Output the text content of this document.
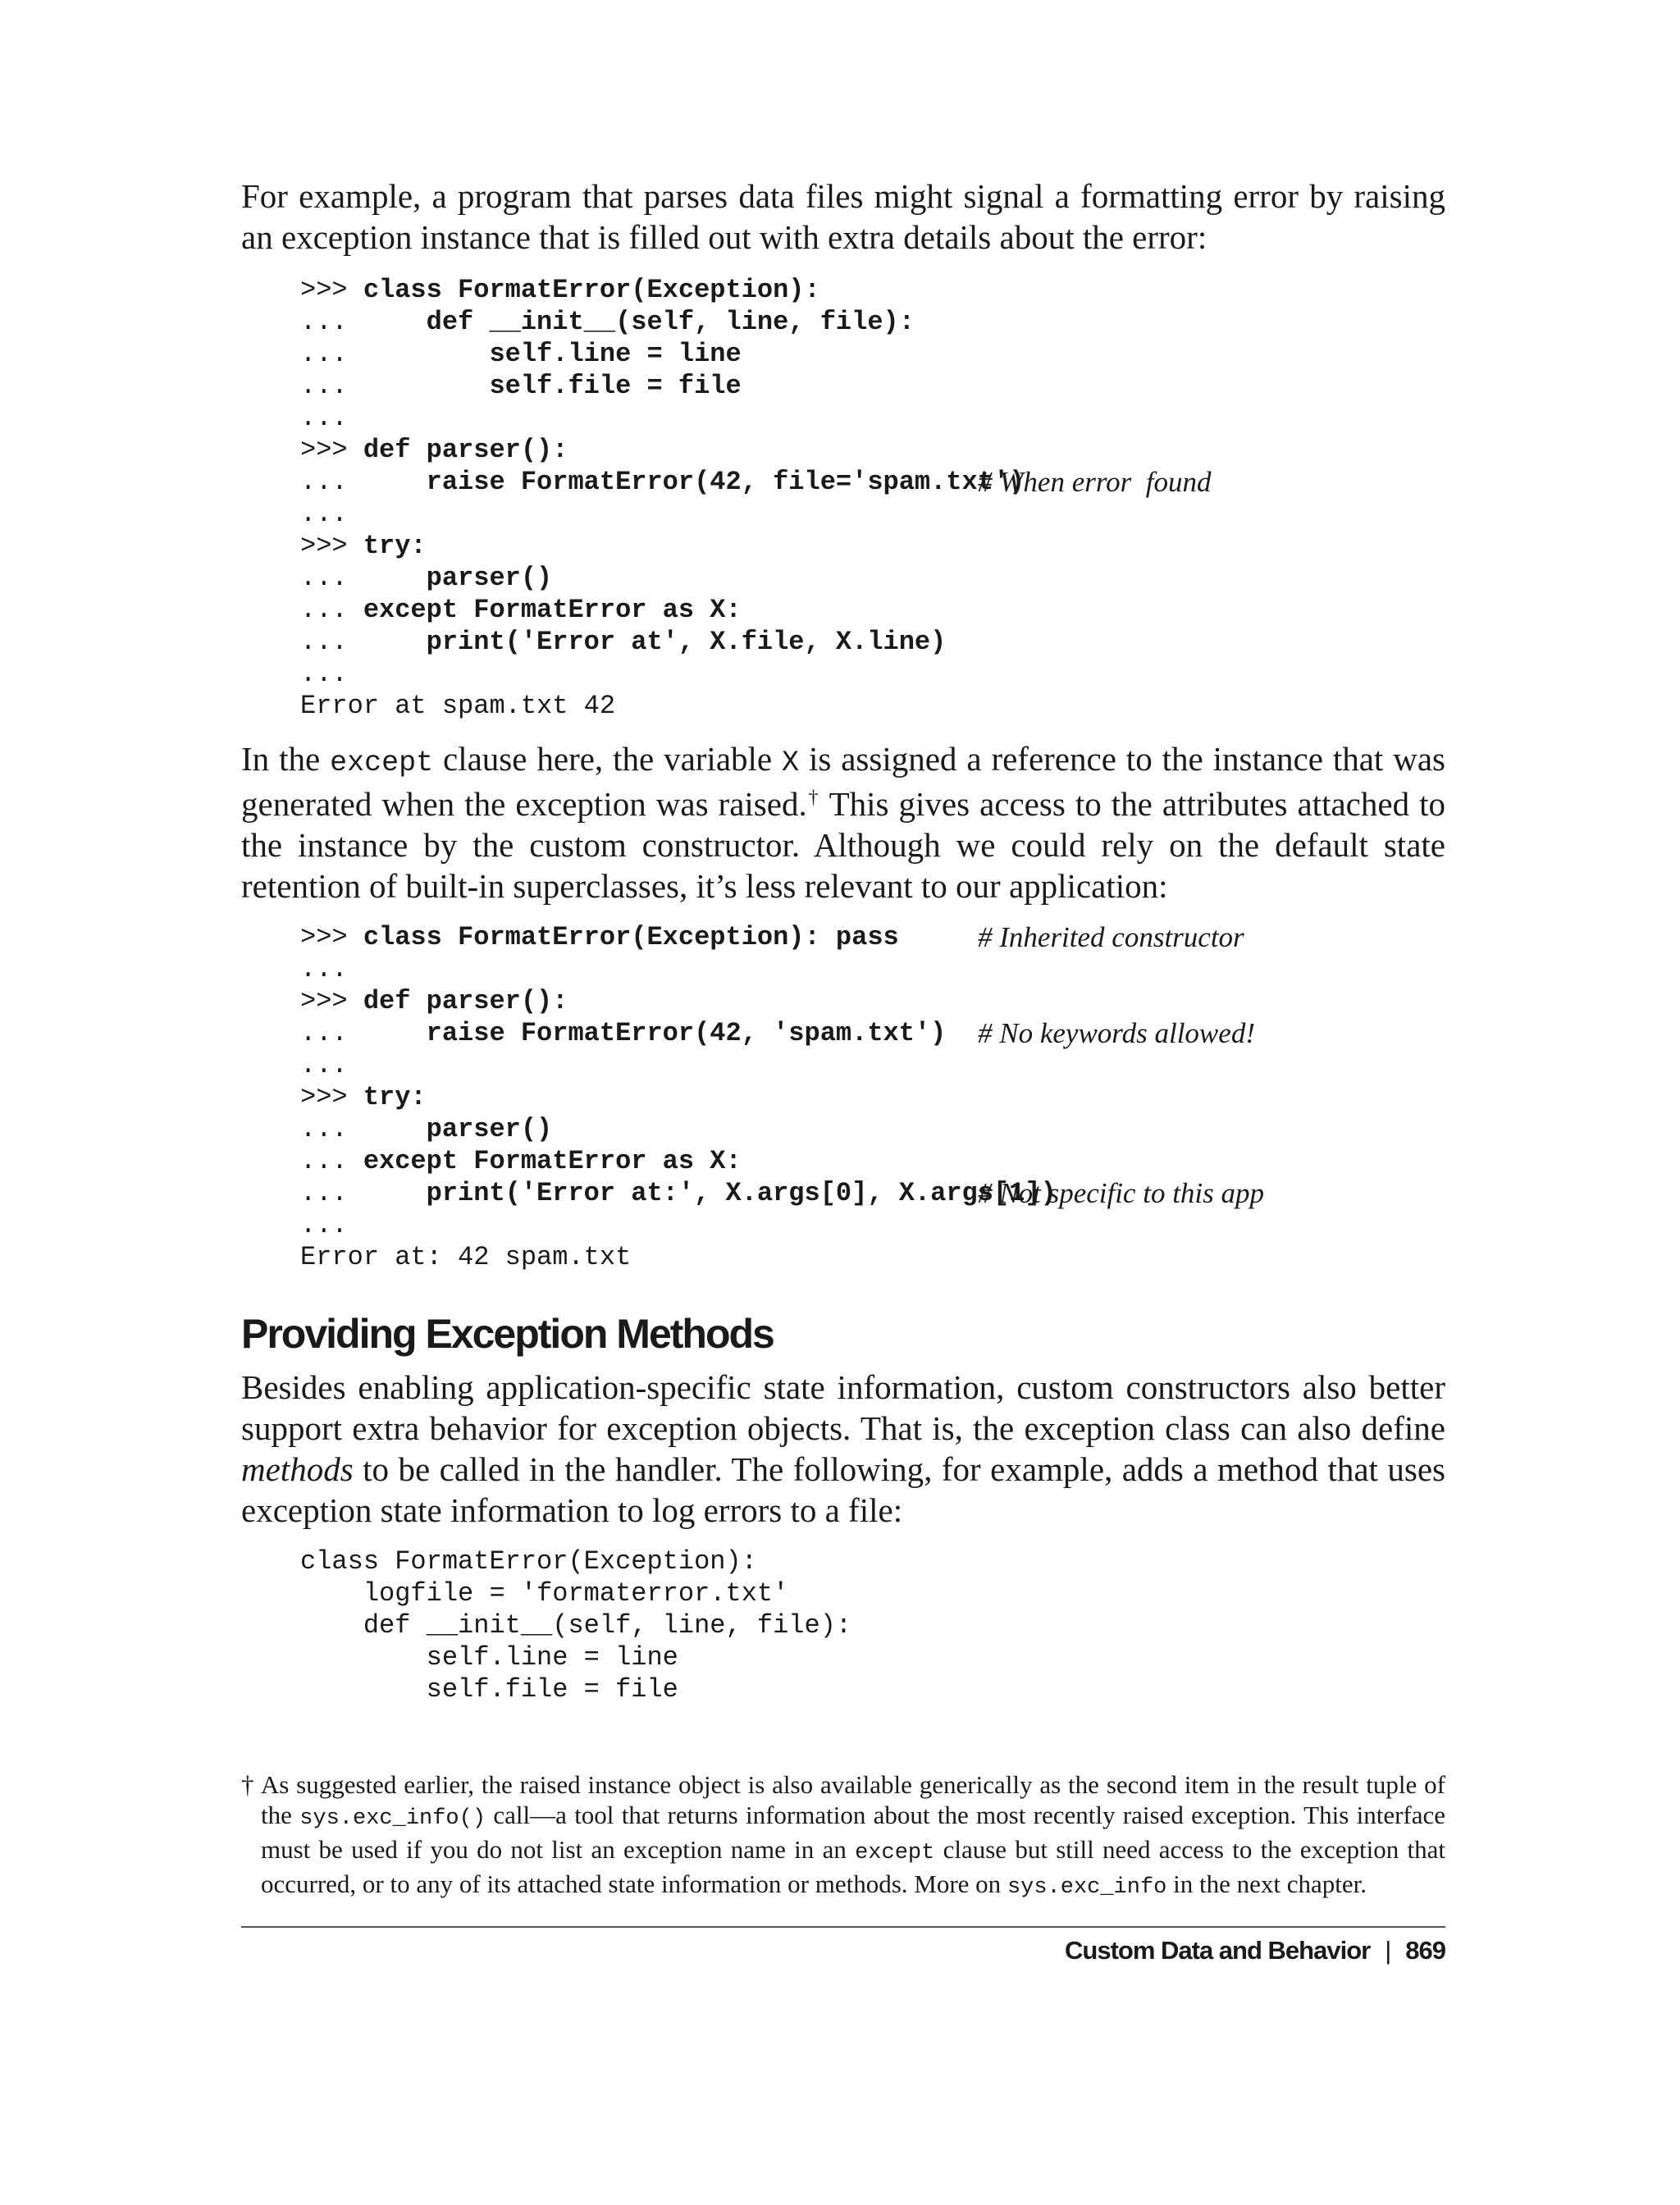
For example, a program that parses data files might signal a formatting error by raising an exception instance that is filled out with extra details about the error:

>>> class FormatError(Exception):
...     def __init__(self, line, file):
...         self.line = line
...         self.file = file
...
>>> def parser():
...     raise FormatError(42, file='spam.txt')
# When error  found
...
>>> try:
...     parser()
... except FormatError as X:
...     print('Error at', X.file, X.line)
...
Error at spam.txt 42

In the except clause here, the variable X is assigned a reference to the instance that was generated when the exception was raised.† This gives access to the attributes attached to the instance by the custom constructor. Although we could rely on the default state retention of built-in superclasses, it’s less relevant to our application:

>>> class FormatError(Exception): pass	# Inherited constructor
...
>>> def parser():
...     raise FormatError(42, 'spam.txt') # No keywords allowed!
...
>>> try:
...     parser()
... except FormatError as X:
...     print('Error at:', X.args[0], X.args[1])
# Not specific to this app
...
Error at: 42 spam.txt
Providing Exception Methods

Besides enabling application-specific state information, custom constructors also better support extra behavior for exception objects. That is, the exception class can also define methods to be called in the handler. The following, for example, adds a method that uses exception state information to log errors to a file:

class FormatError(Exception):
logfile = 'formaterror.txt'
def __init__(self, line, file):
self.line = line
self.file = file

† As suggested earlier, the raised instance object is also available generically as the second item in the result tuple of the sys.exc_info() call—a tool that returns information about the most recently raised exception. This interface must be used if you do not list an exception name in an except clause but still need access to the exception that occurred, or to any of its attached state information or methods. More on sys.exc_info in the next chapter.

Custom Data and Behavior | 869
